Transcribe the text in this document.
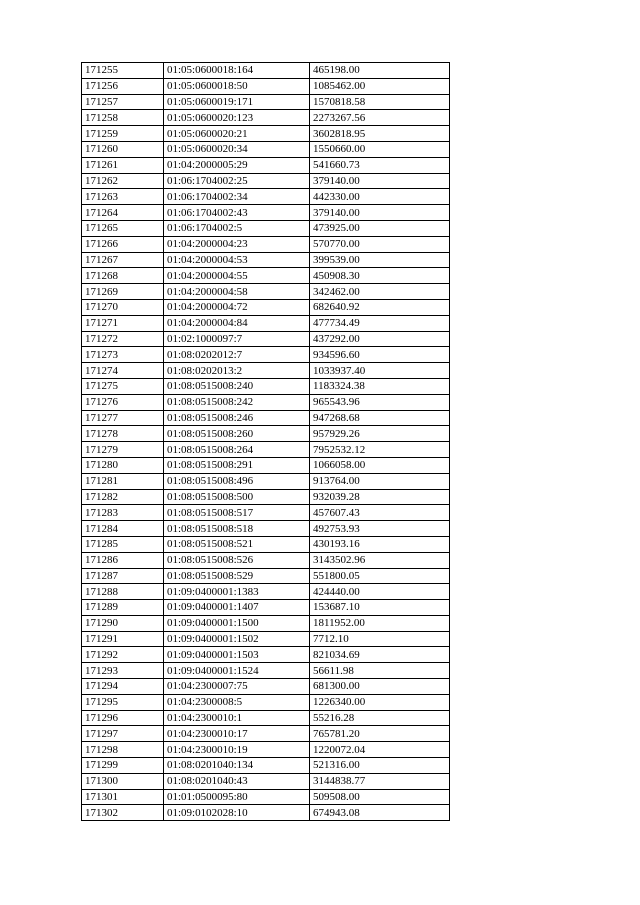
171255	01:05:0600018:164	465198.00
171256	01:05:0600018:50	1085462.00
171257	01:05:0600019:171	1570818.58
171258	01:05:0600020:123	2273267.56
171259	01:05:0600020:21	3602818.95
171260	01:05:0600020:34	1550660.00
171261	01:04:2000005:29	541660.73
171262	01:06:1704002:25	379140.00
171263	01:06:1704002:34	442330.00
171264	01:06:1704002:43	379140.00
171265	01:06:1704002:5	473925.00
171266	01:04:2000004:23	570770.00
171267	01:04:2000004:53	399539.00
171268	01:04:2000004:55	450908.30
171269	01:04:2000004:58	342462.00
171270	01:04:2000004:72	682640.92
171271	01:04:2000004:84	477734.49
171272	01:02:1000097:7	437292.00
171273	01:08:0202012:7	934596.60
171274	01:08:0202013:2	1033937.40
171275	01:08:0515008:240	1183324.38
171276	01:08:0515008:242	965543.96
171277	01:08:0515008:246	947268.68
171278	01:08:0515008:260	957929.26
171279	01:08:0515008:264	7952532.12
171280	01:08:0515008:291	1066058.00
171281	01:08:0515008:496	913764.00
171282	01:08:0515008:500	932039.28
171283	01:08:0515008:517	457607.43
171284	01:08:0515008:518	492753.93
171285	01:08:0515008:521	430193.16
171286	01:08:0515008:526	3143502.96
171287	01:08:0515008:529	551800.05
171288	01:09:0400001:1383	424440.00
171289	01:09:0400001:1407	153687.10
171290	01:09:0400001:1500	1811952.00
171291	01:09:0400001:1502	7712.10
171292	01:09:0400001:1503	821034.69
171293	01:09:0400001:1524	56611.98
171294	01:04:2300007:75	681300.00
171295	01:04:2300008:5	1226340.00
171296	01:04:2300010:1	55216.28
171297	01:04:2300010:17	765781.20
171298	01:04:2300010:19	1220072.04
171299	01:08:0201040:134	521316.00
171300	01:08:0201040:43	3144838.77
171301	01:01:0500095:80	509508.00
171302	01:09:0102028:10	674943.08
